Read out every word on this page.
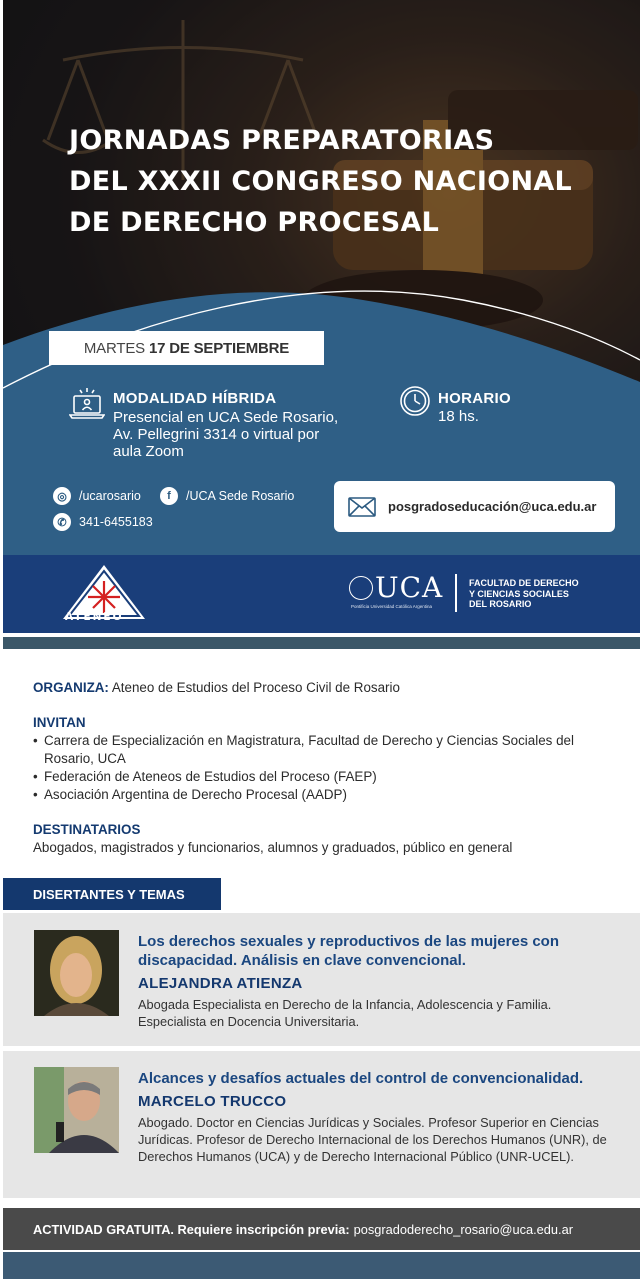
JORNADAS PREPARATORIAS
DEL XXXII CONGRESO NACIONAL
DE DERECHO PROCESAL
MARTES 17 DE SEPTIEMBRE
MODALIDAD HÍBRIDA
Presencial en UCA Sede Rosario,
Av. Pellegrini 3314 o virtual por
aula Zoom
HORARIO
18 hs.
◎ /ucarosario	f	/UCA Sede Rosario
✆ 341-6455183
posgradoseducación@uca.edu.ar
ATENEO
UCA
Pontificia Universidad Católica Argentina
FACULTAD DE DERECHO
Y CIENCIAS SOCIALES
DEL ROSARIO
ORGANIZA: Ateneo de Estudios del Proceso Civil de Rosario
INVITAN
• Carrera de Especialización en Magistratura, Facultad de Derecho y Ciencias Sociales del Rosario, UCA
• Federación de Ateneos de Estudios del Proceso (FAEP)
• Asociación Argentina de Derecho Procesal (AADP)
DESTINATARIOS
Abogados, magistrados y funcionarios, alumnos y graduados, público en general
DISERTANTES Y TEMAS
Los derechos sexuales y reproductivos de las mujeres con discapacidad. Análisis en clave convencional.
ALEJANDRA ATIENZA
Abogada Especialista en Derecho de la Infancia, Adolescencia y Familia. Especialista en Docencia Universitaria.
Alcances y desafíos actuales del control de convencionalidad.
MARCELO TRUCCO
Abogado. Doctor en Ciencias Jurídicas y Sociales. Profesor Superior en Ciencias Jurídicas. Profesor de Derecho Internacional de los Derechos Humanos (UNR), de Derechos Humanos (UCA) y de Derecho Internacional Público (UNR-UCEL).
ACTIVIDAD GRATUITA. Requiere inscripción previa: posgradoderecho_rosario@uca.edu.ar
